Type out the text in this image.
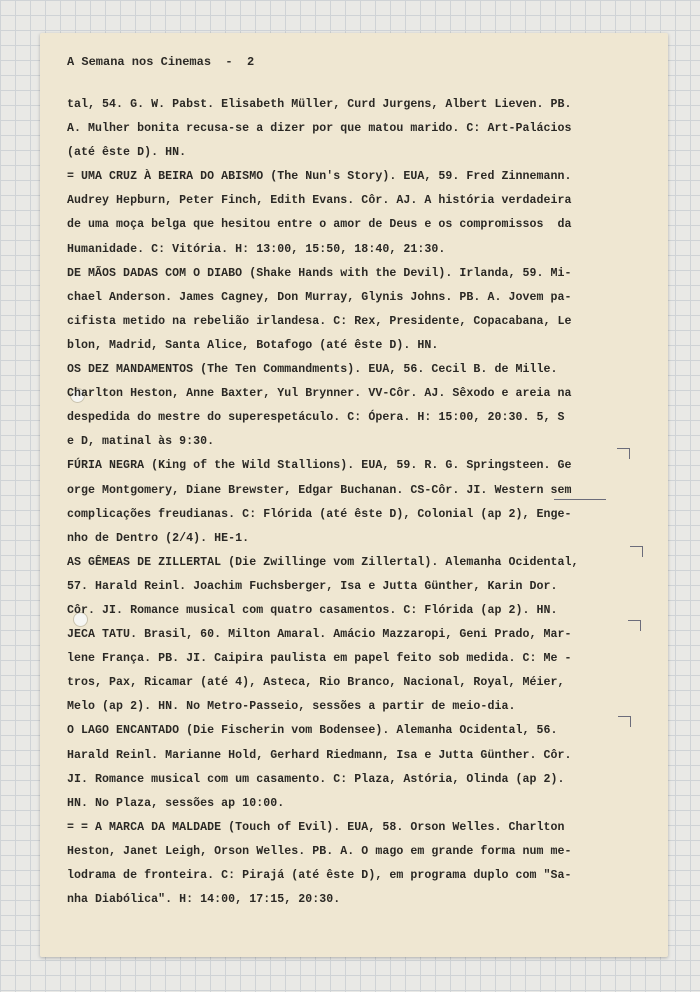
A Semana nos Cinemas  -  2
tal, 54. G. W. Pabst. Elisabeth Müller, Curd Jurgens, Albert Lieven. PB.
A. Mulher bonita recusa-se a dizer por que matou marido. C: Art-Palácios
(até êste D). HN.
= UMA CRUZ À BEIRA DO ABISMO (The Nun's Story). EUA, 59. Fred Zinnemann.
Audrey Hepburn, Peter Finch, Edith Evans. Côr. AJ. A história verdadeira
de uma moça belga que hesitou entre o amor de Deus e os compromissos  da
Humanidade. C: Vitória. H: 13:00, 15:50, 18:40, 21:30.
DE MÃOS DADAS COM O DIABO (Shake Hands with the Devil). Irlanda, 59. Mi-
chael Anderson. James Cagney, Don Murray, Glynis Johns. PB. A. Jovem pa-
cifista metido na rebelião irlandesa. C: Rex, Presidente, Copacabana, Le
blon, Madrid, Santa Alice, Botafogo (até êste D). HN.
OS DEZ MANDAMENTOS (The Ten Commandments). EUA, 56. Cecil B. de Mille.
Charlton Heston, Anne Baxter, Yul Brynner. VV-Côr. AJ. Sêxodo e areia na
despedida do mestre do superespetáculo. C: Ópera. H: 15:00, 20:30. 5, S
e D, matinal às 9:30.
FÚRIA NEGRA (King of the Wild Stallions). EUA, 59. R. G. Springsteen. Ge
orge Montgomery, Diane Brewster, Edgar Buchanan. CS-Côr. JI. Western sem
complicações freudianas. C: Flórida (até êste D), Colonial (ap 2), Enge-
nho de Dentro (2/4). HE-1.
AS GÊMEAS DE ZILLERTAL (Die Zwillinge vom Zillertal). Alemanha Ocidental,
57. Harald Reinl. Joachim Fuchsberger, Isa e Jutta Günther, Karin Dor.
Côr. JI. Romance musical com quatro casamentos. C: Flórida (ap 2). HN.
JECA TATU. Brasil, 60. Milton Amaral. Amácio Mazzaropi, Geni Prado, Mar-
lene França. PB. JI. Caipira paulista em papel feito sob medida. C: Me -
tros, Pax, Ricamar (até 4), Asteca, Rio Branco, Nacional, Royal, Méier,
Melo (ap 2). HN. No Metro-Passeio, sessões a partir de meio-dia.
O LAGO ENCANTADO (Die Fischerin vom Bodensee). Alemanha Ocidental, 56.
Harald Reinl. Marianne Hold, Gerhard Riedmann, Isa e Jutta Günther. Côr.
JI. Romance musical com um casamento. C: Plaza, Astória, Olinda (ap 2).
HN. No Plaza, sessões ap 10:00.
= = A MARCA DA MALDADE (Touch of Evil). EUA, 58. Orson Welles. Charlton
Heston, Janet Leigh, Orson Welles. PB. A. O mago em grande forma num me-
lodrama de fronteira. C: Pirajá (até êste D), em programa duplo com "Sa-
nha Diabólica". H: 14:00, 17:15, 20:30.
